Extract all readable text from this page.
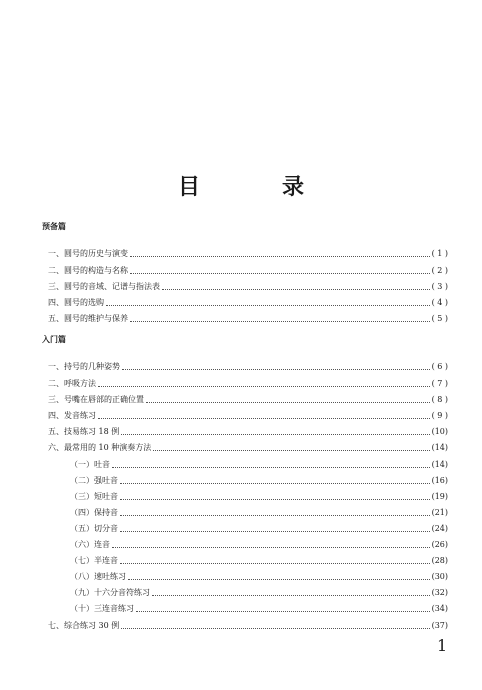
目	录
预备篇
一、圆号的历史与演变	( 1 )
二、圆号的构造与名称	( 2 )
三、圆号的音域、记谱与指法表	( 3 )
四、圆号的选购	( 4 )
五、圆号的维护与保养	( 5 )
入门篇
一、持号的几种姿势	( 6 )
二、呼吸方法	( 7 )
三、号嘴在唇部的正确位置	( 8 )
四、发音练习	( 9 )
五、技易练习 18 例	(10)
六、最常用的 10 种演奏方法	(14)
（一）吐音	(14)
（二）强吐音	(16)
（三）短吐音	(19)
（四）保持音	(21)
（五）切分音	(24)
（六）连音	(26)
（七）半连音	(28)
（八）速吐练习	(30)
（九）十六分音符练习	(32)
（十）三连音练习	(34)
七、综合练习 30 例	(37)
1
